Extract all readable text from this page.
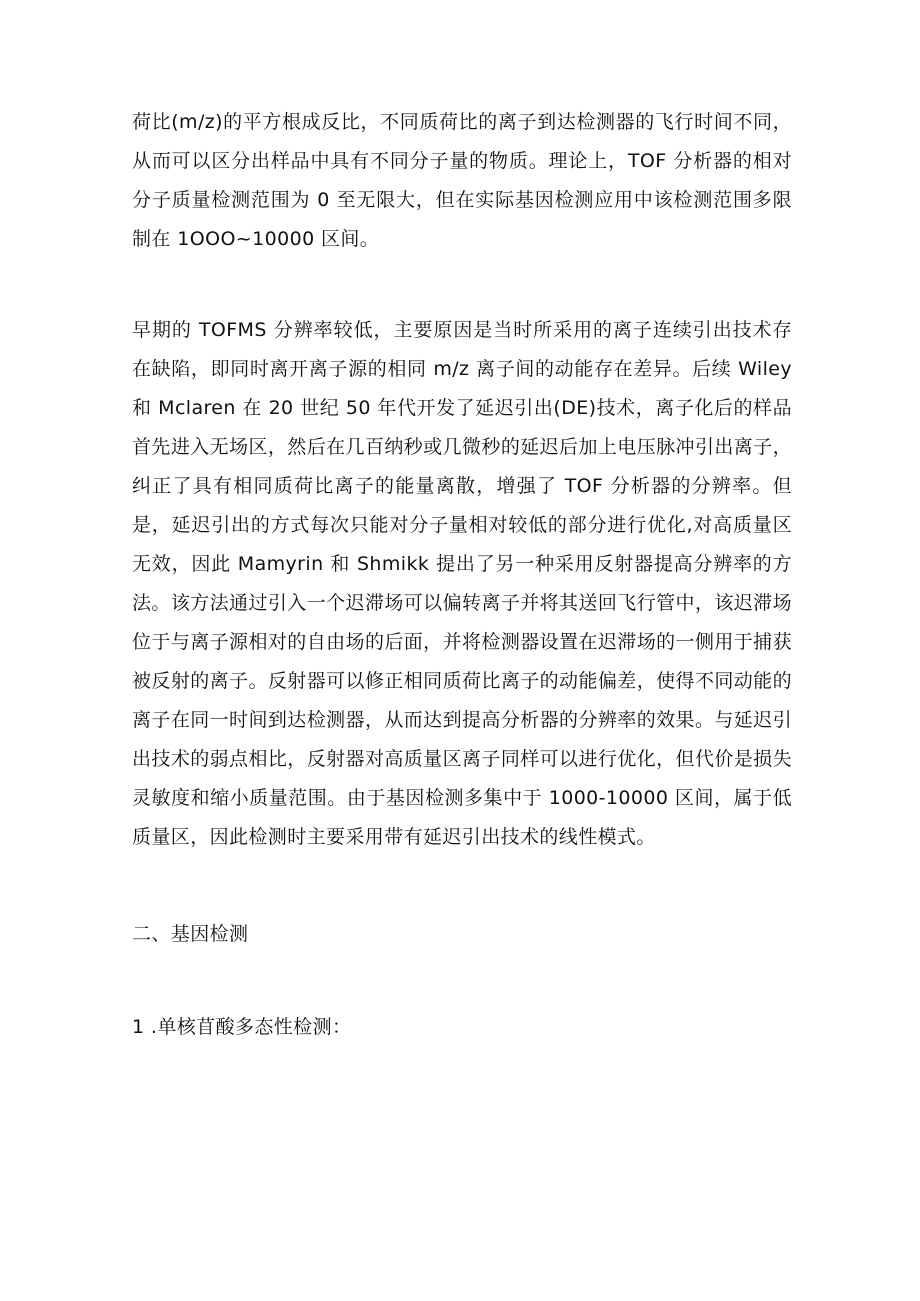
荷比(m/z)的平方根成反比，不同质荷比的离子到达检测器的飞行时间不同，从而可以区分出样品中具有不同分子量的物质。理论上，TOF 分析器的相对分子质量检测范围为 0 至无限大，但在实际基因检测应用中该检测范围多限制在 1OOO~10000 区间。

早期的 TOFMS 分辨率较低，主要原因是当时所采用的离子连续引出技术存在缺陷，即同时离开离子源的相同 m/z 离子间的动能存在差异。后续 Wiley 和 Mclaren 在 20 世纪 50 年代开发了延迟引出(DE)技术，离子化后的样品首先进入无场区，然后在几百纳秒或几微秒的延迟后加上电压脉冲引出离子，纠正了具有相同质荷比离子的能量离散，增强了 TOF 分析器的分辨率。但是，延迟引出的方式每次只能对分子量相对较低的部分进行优化,对高质量区无效，因此 Mamyrin 和 Shmikk 提出了另一种采用反射器提高分辨率的方法。该方法通过引入一个迟滞场可以偏转离子并将其送回飞行管中，该迟滞场位于与离子源相对的自由场的后面，并将检测器设置在迟滞场的一侧用于捕获被反射的离子。反射器可以修正相同质荷比离子的动能偏差，使得不同动能的离子在同一时间到达检测器，从而达到提高分析器的分辨率的效果。与延迟引出技术的弱点相比，反射器对高质量区离子同样可以进行优化，但代价是损失灵敏度和缩小质量范围。由于基因检测多集中于 1000-10000 区间，属于低质量区，因此检测时主要采用带有延迟引出技术的线性模式。

二、基因检测

1 .单核苜酸多态性检测：
